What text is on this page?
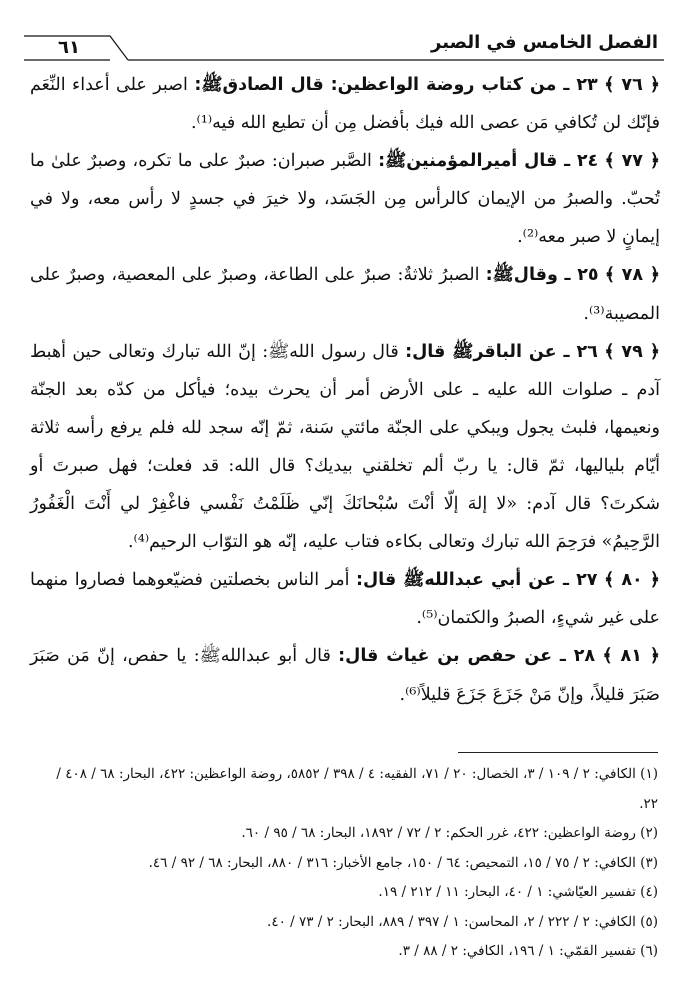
الفصل الخامس في الصبر
٦١

﴿ ٧٦ ﴾ ٢٣ ـ من كتاب روضة الواعظين: قال الصادقﷺ: اصبر على أعداء النِّعَم فإنّك لن تُكافي مَن عصى الله فيك بأفضل مِن أن تطيع الله فيه⁽¹⁾.

﴿ ٧٧ ﴾ ٢٤ ـ قال أميرالمؤمنينﷺ: الصَّبر صبران: صبرٌ على ما تكره، وصبرٌ علىٰ ما تُحبّ. والصبرُ من الإيمان كالرأس مِن الجَسَد، ولا خيرَ في جسدٍ لا رأس معه، ولا في إيمانٍ لا صبر معه⁽²⁾.

﴿ ٧٨ ﴾ ٢٥ ـ وقالﷺ: الصبرُ ثلاثةٌ: صبرٌ على الطاعة، وصبرٌ على المعصية، وصبرٌ على المصيبة⁽³⁾.

﴿ ٧٩ ﴾ ٢٦ ـ عن الباقرﷺ قال: قال رسول اللهﷺ: إنّ الله تبارك وتعالى حين أهبط آدم ـ صلوات الله عليه ـ على الأرض أمر أن يحرث بيده؛ فيأكل من كدّه بعد الجنّة ونعيمها، فلبث يجول ويبكي على الجنّة مائتي سَنة، ثمّ إنّه سجد لله فلم يرفع رأسه ثلاثة أيّام بلياليها، ثمّ قال: يا ربّ ألم تخلقني بيديك؟ قال الله: قد فعلت؛ فهل صبرتَ أو شكرتَ؟ قال آدم: «لا إلهَ إلّا أنْتَ سُبْحانَكَ إنّي ظَلَمْتُ نَفْسي فاغْفِرْ لي أَنْتَ الْغَفُورُ الرَّحِيمُ» فرَحِمَ الله تبارك وتعالى بكاءه فتاب عليه، إنّه هو التوّاب الرحيم⁽⁴⁾.

﴿ ٨٠ ﴾ ٢٧ ـ عن أبي عبداللهﷺ قال: أمر الناس بخصلتين فضيّعوهما فصاروا منهما على غير شيءٍ، الصبرُ والكتمان⁽⁵⁾.

﴿ ٨١ ﴾ ٢٨ ـ عن حفص بن غياث قال: قال أبو عبداللهﷺ: يا حفص، إنّ مَن صَبَرَ صَبَرَ قليلاً، وإنّ مَنْ جَزَعَ جَزَعَ قليلاً⁽⁶⁾.

(١) الكافي: ٢ / ١٠٩ / ٣، الخصال: ٢٠ / ٧١، الفقيه: ٤ / ٣٩٨ / ٥٨٥٢، روضة الواعظين: ٤٢٢، البحار: ٦٨ / ٤٠٨ / ٢٢.

(٢) روضة الواعظين: ٤٢٢، غرر الحكم: ٢ / ٧٢ / ١٨٩٢، البحار: ٦٨ / ٩٥ / ٦٠.

(٣) الكافي: ٢ / ٧٥ / ١٥، التمحيص: ٦٤ / ١٥٠، جامع الأخبار: ٣١٦ / ٨٨٠، البحار: ٦٨ / ٩٢ / ٤٦.

(٤) تفسير العيّاشي: ١ / ٤٠، البحار: ١١ / ٢١٢ / ١٩.

(٥) الكافي: ٢ / ٢٢٢ / ٢، المحاسن: ١ / ٣٩٧ / ٨٨٩، البحار: ٢ / ٧٣ / ٤٠.

(٦) تفسير القمّي: ١ / ١٩٦، الكافي: ٢ / ٨٨ / ٣.
